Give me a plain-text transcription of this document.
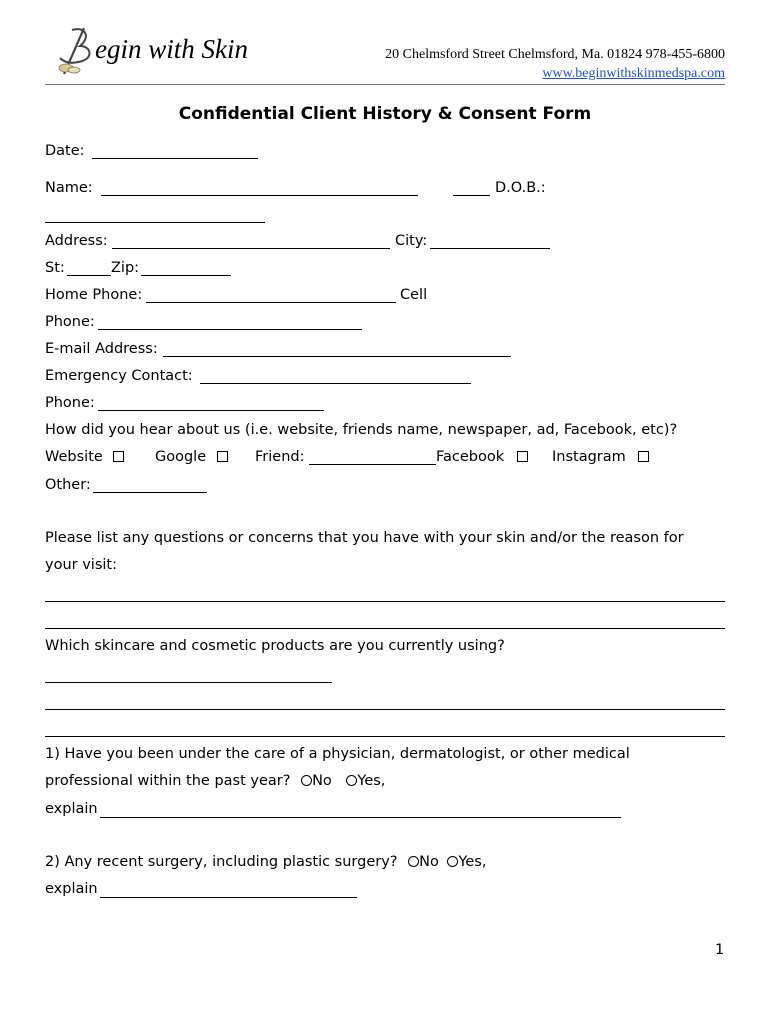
egin with Skin	20 Chelmsford Street Chelmsford, Ma. 01824 978-455-6800
www.beginwithskinmedspa.com
Confidential Client History & Consent Form
Date:
Name:	D.O.B.:
Address:	City:
St:	Zip:
Home Phone:	Cell
Phone:
E-mail Address:
Emergency Contact:
Phone:
How did you hear about us (i.e. website, friends name, newspaper, ad, Facebook, etc)?
Website	Google	Friend:	Facebook	Instagram
Other:
Please list any questions or concerns that you have with your skin and/or the reason for
your visit:
Which skincare and cosmetic products are you currently using?
1) Have you been under the care of a physician, dermatologist, or other medical
professional within the past year? No Yes,
explain
2) Any recent surgery, including plastic surgery? No Yes,
explain
1
